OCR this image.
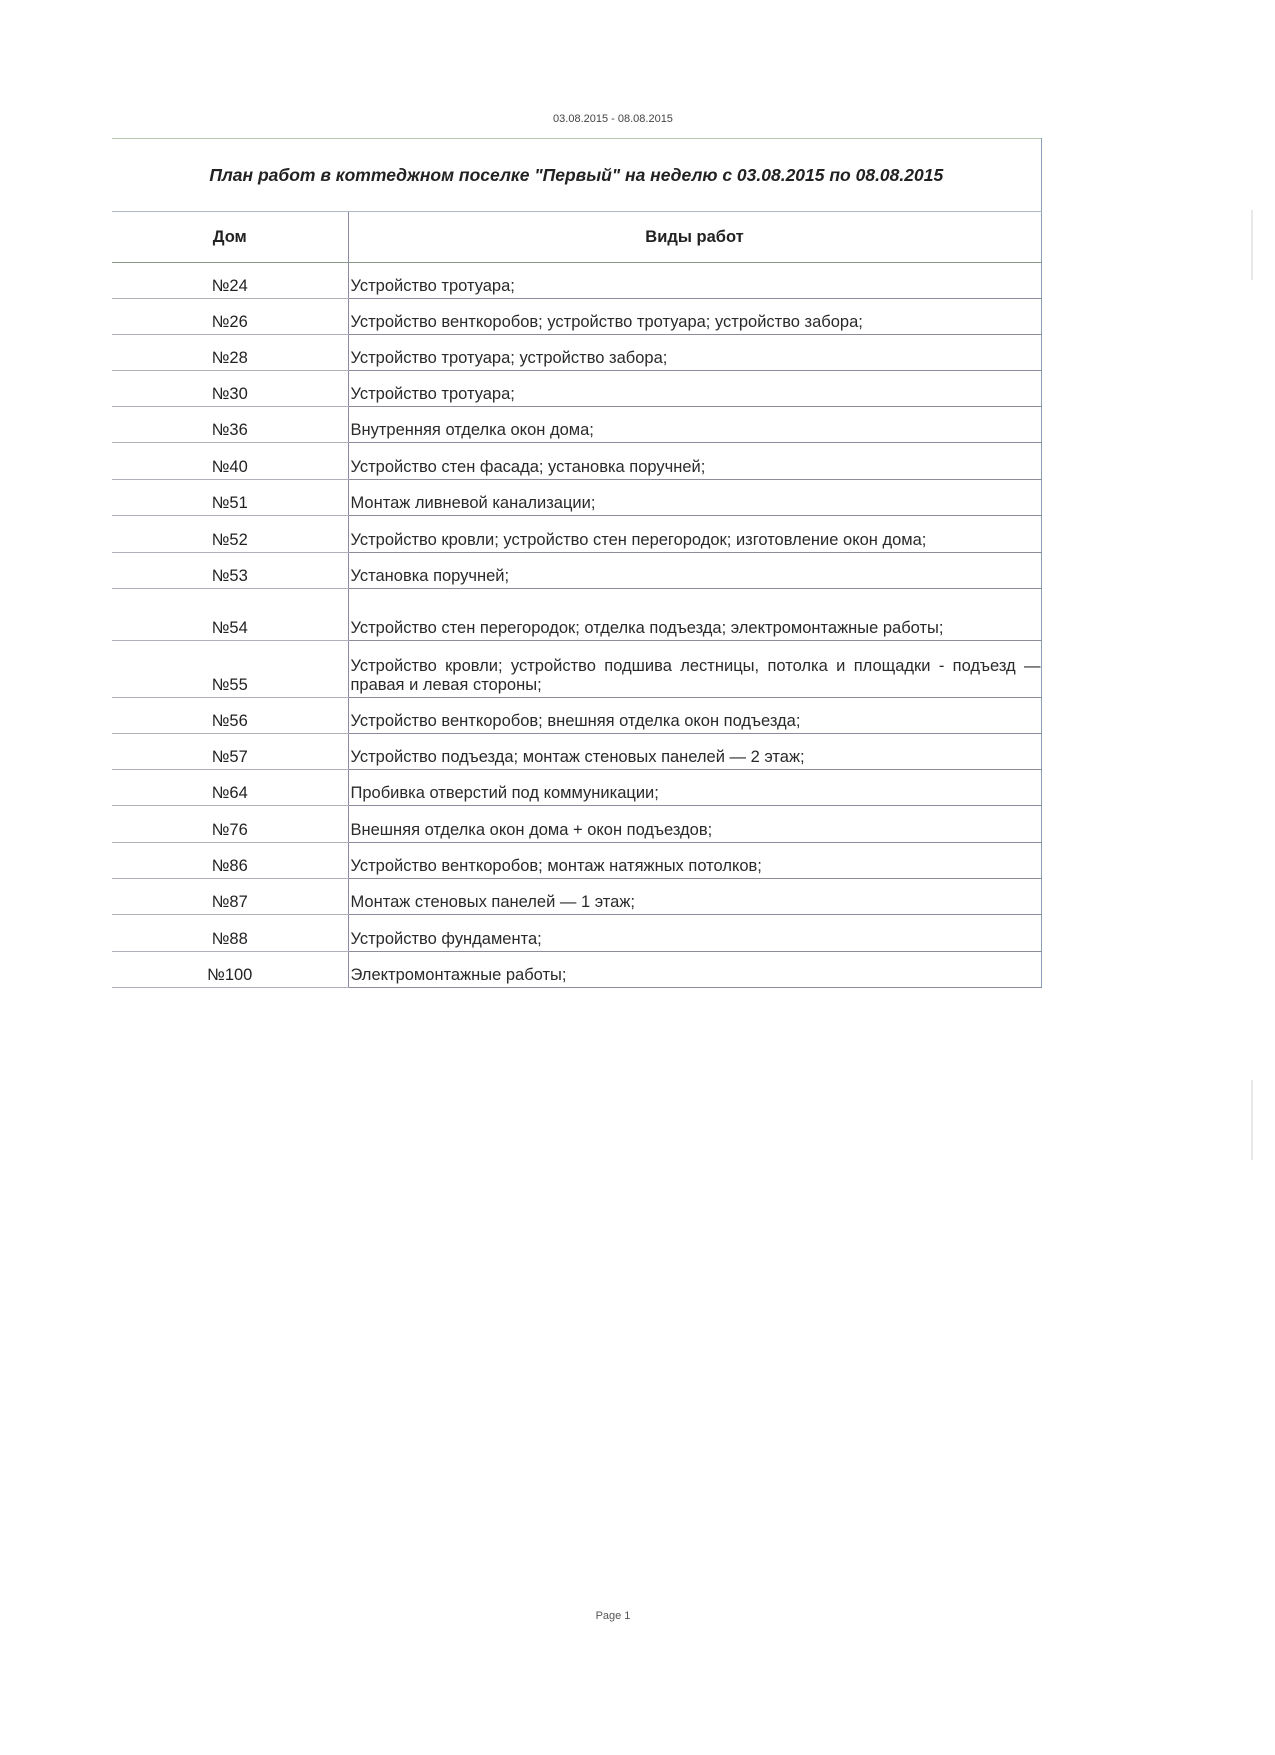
03.08.2015 - 08.08.2015
План работ в коттеджном поселке "Первый" на неделю с 03.08.2015 по 08.08.2015	
Дом	Виды работ
№24	Устройство тротуара;
№26	Устройство венткоробов; устройство тротуара; устройство забора;
№28	Устройство тротуара; устройство забора;
№30	Устройство тротуара;
№36	Внутренняя отделка окон дома;
№40	Устройство стен фасада; установка поручней;
№51	Монтаж ливневой канализации;
№52	Устройство кровли; устройство стен перегородок; изготовление окон дома;
№53	Установка поручней;
№54	Устройство стен перегородок; отделка подъезда; электромонтажные работы;
№55	Устройство кровли; устройство подшива лестницы, потолка и площадки - подъезд — правая и левая стороны;
№56	Устройство венткоробов; внешняя отделка окон подъезда;
№57	Устройство подъезда; монтаж стеновых панелей — 2 этаж;
№64	Пробивка отверстий под коммуникации;
№76	Внешняя отделка окон дома + окон подъездов;
№86	Устройство венткоробов; монтаж натяжных потолков;
№87	Монтаж стеновых панелей — 1 этаж;
№88	Устройство фундамента;
№100	Электромонтажные работы;
Page 1
